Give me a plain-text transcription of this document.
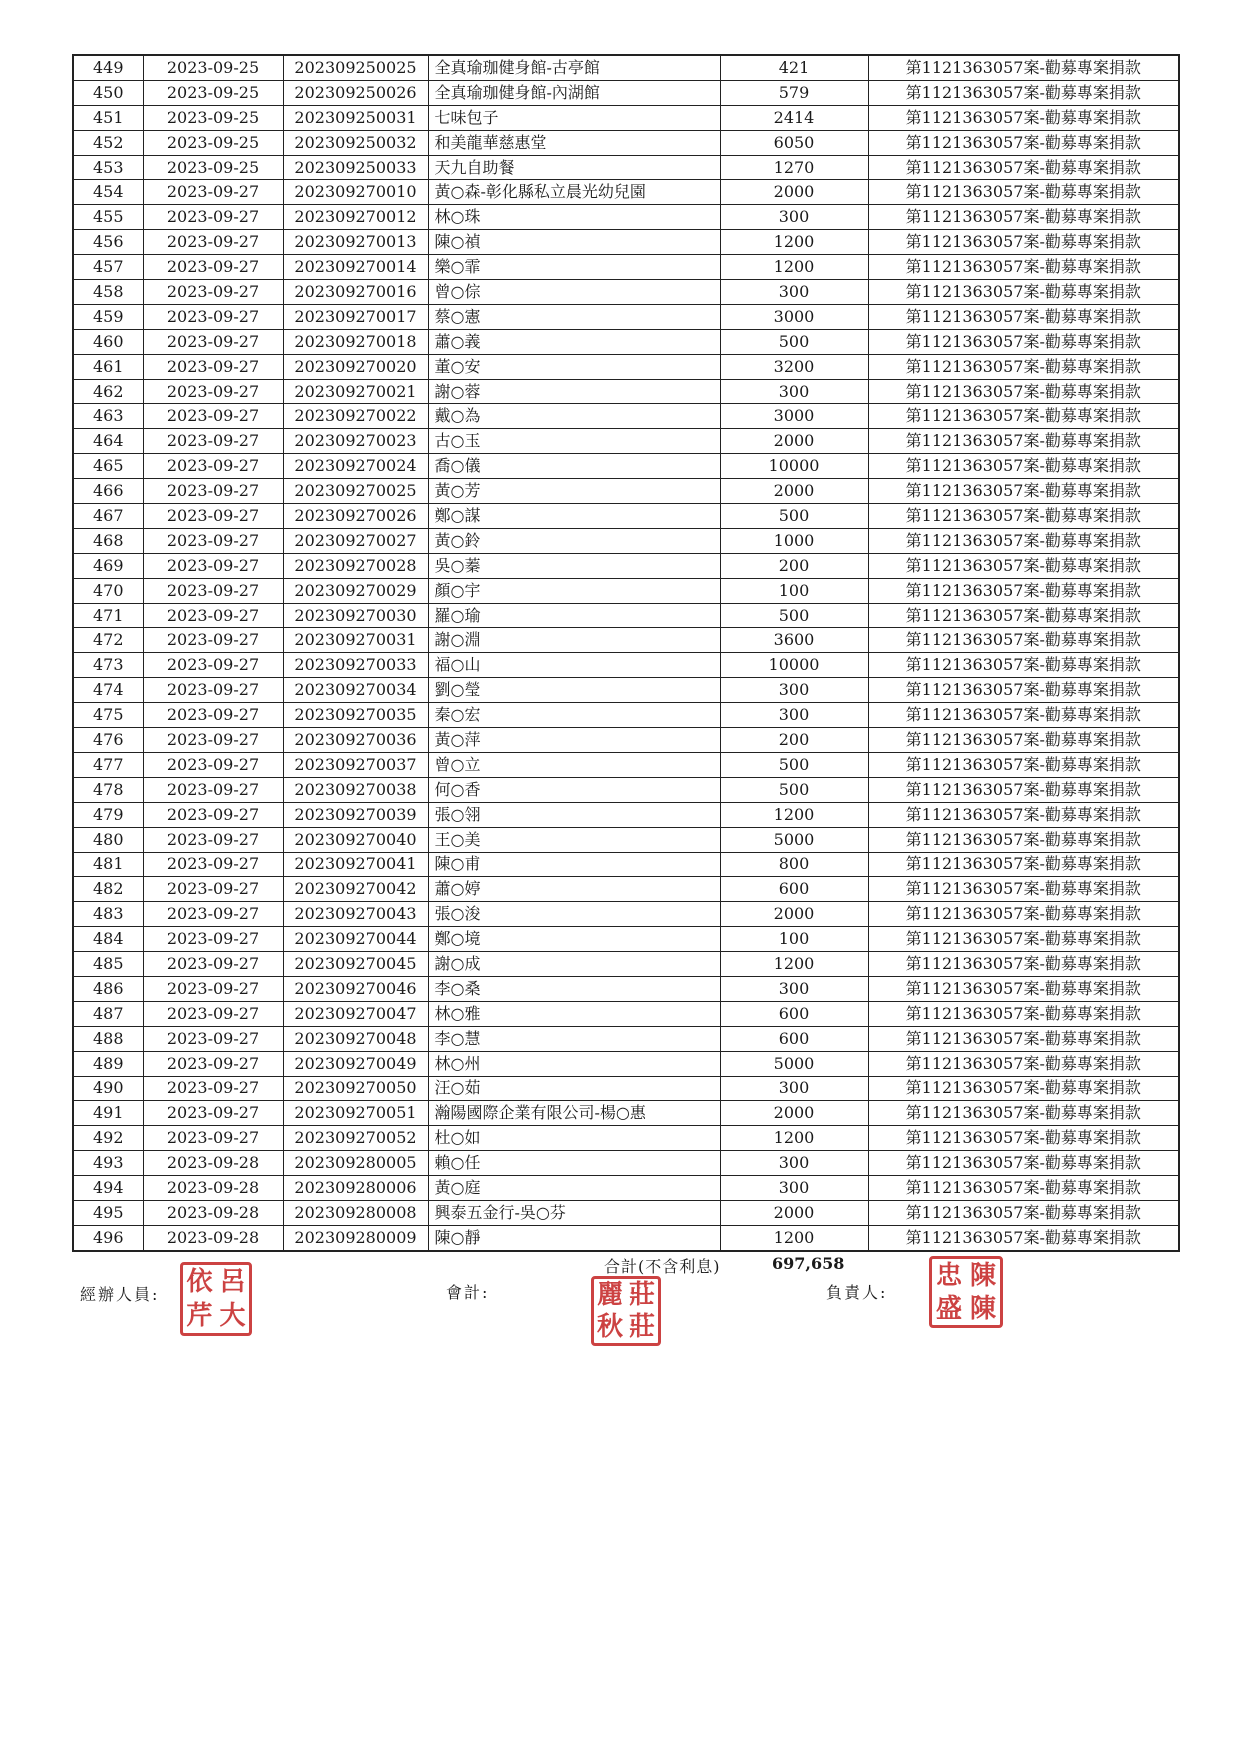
449	2023-09-25	202309250025	全真瑜珈健身館-古亭館	421	第1121363057案-勸募專案捐款
450	2023-09-25	202309250026	全真瑜珈健身館-內湖館	579	第1121363057案-勸募專案捐款
451	2023-09-25	202309250031	七味包子	2414	第1121363057案-勸募專案捐款
452	2023-09-25	202309250032	和美龍華慈惠堂	6050	第1121363057案-勸募專案捐款
453	2023-09-25	202309250033	天九自助餐	1270	第1121363057案-勸募專案捐款
454	2023-09-27	202309270010	黃○森-彰化縣私立晨光幼兒園	2000	第1121363057案-勸募專案捐款
455	2023-09-27	202309270012	林○珠	300	第1121363057案-勸募專案捐款
456	2023-09-27	202309270013	陳○禎	1200	第1121363057案-勸募專案捐款
457	2023-09-27	202309270014	樂○霏	1200	第1121363057案-勸募專案捐款
458	2023-09-27	202309270016	曾○倧	300	第1121363057案-勸募專案捐款
459	2023-09-27	202309270017	蔡○憲	3000	第1121363057案-勸募專案捐款
460	2023-09-27	202309270018	蕭○義	500	第1121363057案-勸募專案捐款
461	2023-09-27	202309270020	董○安	3200	第1121363057案-勸募專案捐款
462	2023-09-27	202309270021	謝○蓉	300	第1121363057案-勸募專案捐款
463	2023-09-27	202309270022	戴○為	3000	第1121363057案-勸募專案捐款
464	2023-09-27	202309270023	古○玉	2000	第1121363057案-勸募專案捐款
465	2023-09-27	202309270024	喬○儀	10000	第1121363057案-勸募專案捐款
466	2023-09-27	202309270025	黃○芳	2000	第1121363057案-勸募專案捐款
467	2023-09-27	202309270026	鄭○謀	500	第1121363057案-勸募專案捐款
468	2023-09-27	202309270027	黃○鈴	1000	第1121363057案-勸募專案捐款
469	2023-09-27	202309270028	吳○蓁	200	第1121363057案-勸募專案捐款
470	2023-09-27	202309270029	顏○宇	100	第1121363057案-勸募專案捐款
471	2023-09-27	202309270030	羅○瑜	500	第1121363057案-勸募專案捐款
472	2023-09-27	202309270031	謝○淵	3600	第1121363057案-勸募專案捐款
473	2023-09-27	202309270033	福○山	10000	第1121363057案-勸募專案捐款
474	2023-09-27	202309270034	劉○瑩	300	第1121363057案-勸募專案捐款
475	2023-09-27	202309270035	秦○宏	300	第1121363057案-勸募專案捐款
476	2023-09-27	202309270036	黃○萍	200	第1121363057案-勸募專案捐款
477	2023-09-27	202309270037	曾○立	500	第1121363057案-勸募專案捐款
478	2023-09-27	202309270038	何○香	500	第1121363057案-勸募專案捐款
479	2023-09-27	202309270039	張○翎	1200	第1121363057案-勸募專案捐款
480	2023-09-27	202309270040	王○美	5000	第1121363057案-勸募專案捐款
481	2023-09-27	202309270041	陳○甫	800	第1121363057案-勸募專案捐款
482	2023-09-27	202309270042	蕭○婷	600	第1121363057案-勸募專案捐款
483	2023-09-27	202309270043	張○浚	2000	第1121363057案-勸募專案捐款
484	2023-09-27	202309270044	鄭○境	100	第1121363057案-勸募專案捐款
485	2023-09-27	202309270045	謝○成	1200	第1121363057案-勸募專案捐款
486	2023-09-27	202309270046	李○桑	300	第1121363057案-勸募專案捐款
487	2023-09-27	202309270047	林○雅	600	第1121363057案-勸募專案捐款
488	2023-09-27	202309270048	李○慧	600	第1121363057案-勸募專案捐款
489	2023-09-27	202309270049	林○州	5000	第1121363057案-勸募專案捐款
490	2023-09-27	202309270050	汪○茹	300	第1121363057案-勸募專案捐款
491	2023-09-27	202309270051	瀚陽國際企業有限公司-楊○惠	2000	第1121363057案-勸募專案捐款
492	2023-09-27	202309270052	杜○如	1200	第1121363057案-勸募專案捐款
493	2023-09-28	202309280005	賴○任	300	第1121363057案-勸募專案捐款
494	2023-09-28	202309280006	黃○庭	300	第1121363057案-勸募專案捐款
495	2023-09-28	202309280008	興泰五金行-吳○芬	2000	第1121363057案-勸募專案捐款
496	2023-09-28	202309280009	陳○靜	1200	第1121363057案-勸募專案捐款
合計(不含利息)	697,658
經辦人員:	會計:	負責人:
依 呂
芹 大
麗 莊
秋 莊
忠 陳
盛 陳
